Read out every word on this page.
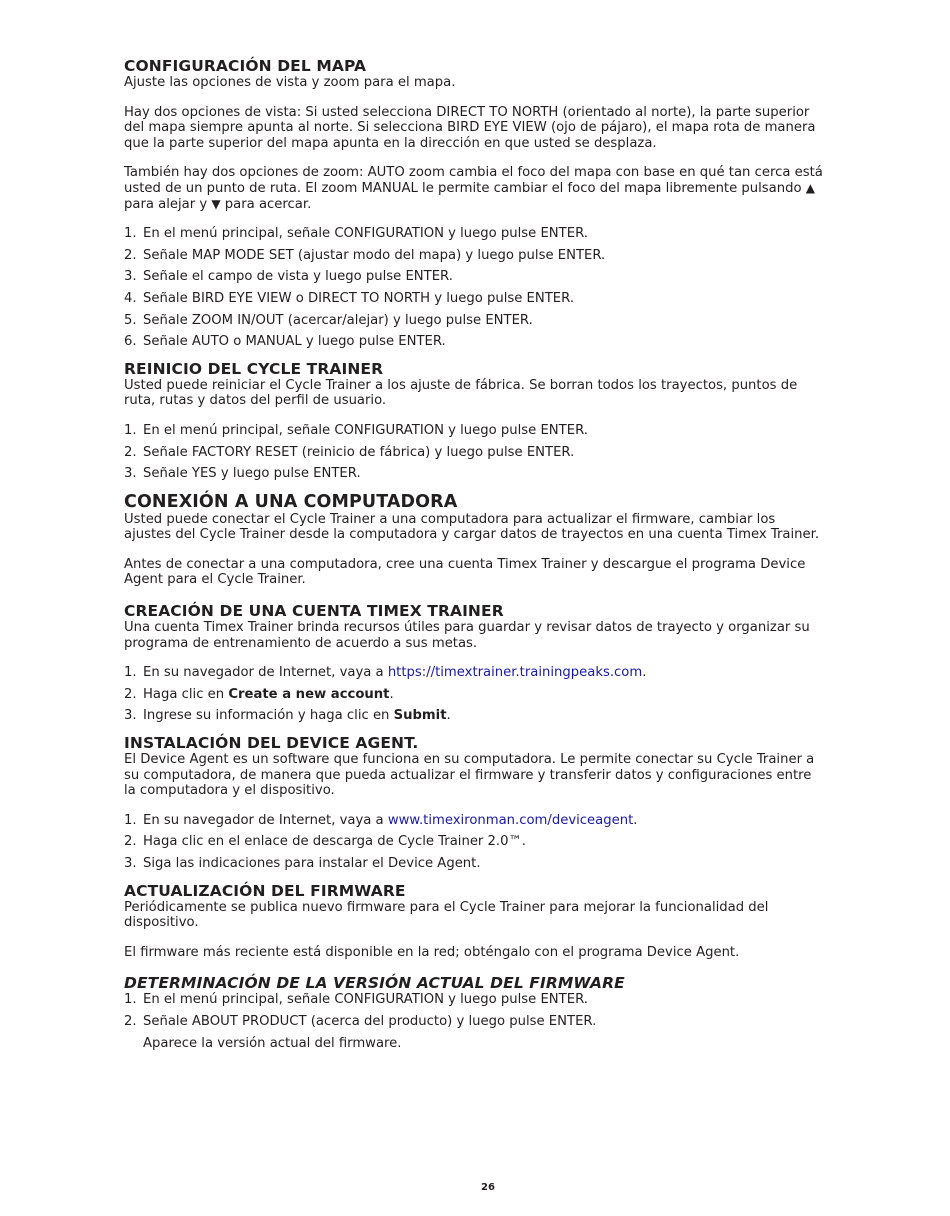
CONFIGURACIÓN DEL MAPA

Ajuste las opciones de vista y zoom para el mapa.

Hay dos opciones de vista: Si usted selecciona DIRECT TO NORTH (orientado al norte), la parte superior del mapa siempre apunta al norte. Si selecciona BIRD EYE VIEW (ojo de pájaro), el mapa rota de manera que la parte superior del mapa apunta en la dirección en que usted se desplaza.

También hay dos opciones de zoom: AUTO zoom cambia el foco del mapa con base en qué tan cerca está usted de un punto de ruta. El zoom MANUAL le permite cambiar el foco del mapa libremente pulsando ▲ para alejar y ▼ para acercar.

1. En el menú principal, señale CONFIGURATION y luego pulse ENTER.
2. Señale MAP MODE SET (ajustar modo del mapa) y luego pulse ENTER.
3. Señale el campo de vista y luego pulse ENTER.
4. Señale BIRD EYE VIEW o DIRECT TO NORTH y luego pulse ENTER.
5. Señale ZOOM IN/OUT (acercar/alejar) y luego pulse ENTER.
6. Señale AUTO o MANUAL y luego pulse ENTER.
REINICIO DEL CYCLE TRAINER

Usted puede reiniciar el Cycle Trainer a los ajuste de fábrica. Se borran todos los trayectos, puntos de ruta, rutas y datos del perfil de usuario.

1. En el menú principal, señale CONFIGURATION y luego pulse ENTER.
2. Señale FACTORY RESET (reinicio de fábrica) y luego pulse ENTER.
3. Señale YES y luego pulse ENTER.
CONEXIÓN A UNA COMPUTADORA

Usted puede conectar el Cycle Trainer a una computadora para actualizar el firmware, cambiar los ajustes del Cycle Trainer desde la computadora y cargar datos de trayectos en una cuenta Timex Trainer.

Antes de conectar a una computadora, cree una cuenta Timex Trainer y descargue el programa Device Agent para el Cycle Trainer.

CREACIÓN DE UNA CUENTA TIMEX TRAINER

Una cuenta Timex Trainer brinda recursos útiles para guardar y revisar datos de trayecto y organizar su programa de entrenamiento de acuerdo a sus metas.

1. En su navegador de Internet, vaya a https://timextrainer.trainingpeaks.com.
2. Haga clic en Create a new account.
3. Ingrese su información y haga clic en Submit.
INSTALACIÓN DEL DEVICE AGENT.

El Device Agent es un software que funciona en su computadora. Le permite conectar su Cycle Trainer a su computadora, de manera que pueda actualizar el firmware y transferir datos y configuraciones entre la computadora y el dispositivo.

1. En su navegador de Internet, vaya a www.timexironman.com/deviceagent.
2. Haga clic en el enlace de descarga de Cycle Trainer 2.0™.
3. Siga las indicaciones para instalar el Device Agent.
ACTUALIZACIÓN DEL FIRMWARE

Periódicamente se publica nuevo firmware para el Cycle Trainer para mejorar la funcionalidad del dispositivo.

El firmware más reciente está disponible en la red; obténgalo con el programa Device Agent.

DETERMINACIÓN DE LA VERSIÓN ACTUAL DEL FIRMWARE
1. En el menú principal, señale CONFIGURATION y luego pulse ENTER.
2. Señale ABOUT PRODUCT (acerca del producto) y luego pulse ENTER.
Aparece la versión actual del firmware.
26
